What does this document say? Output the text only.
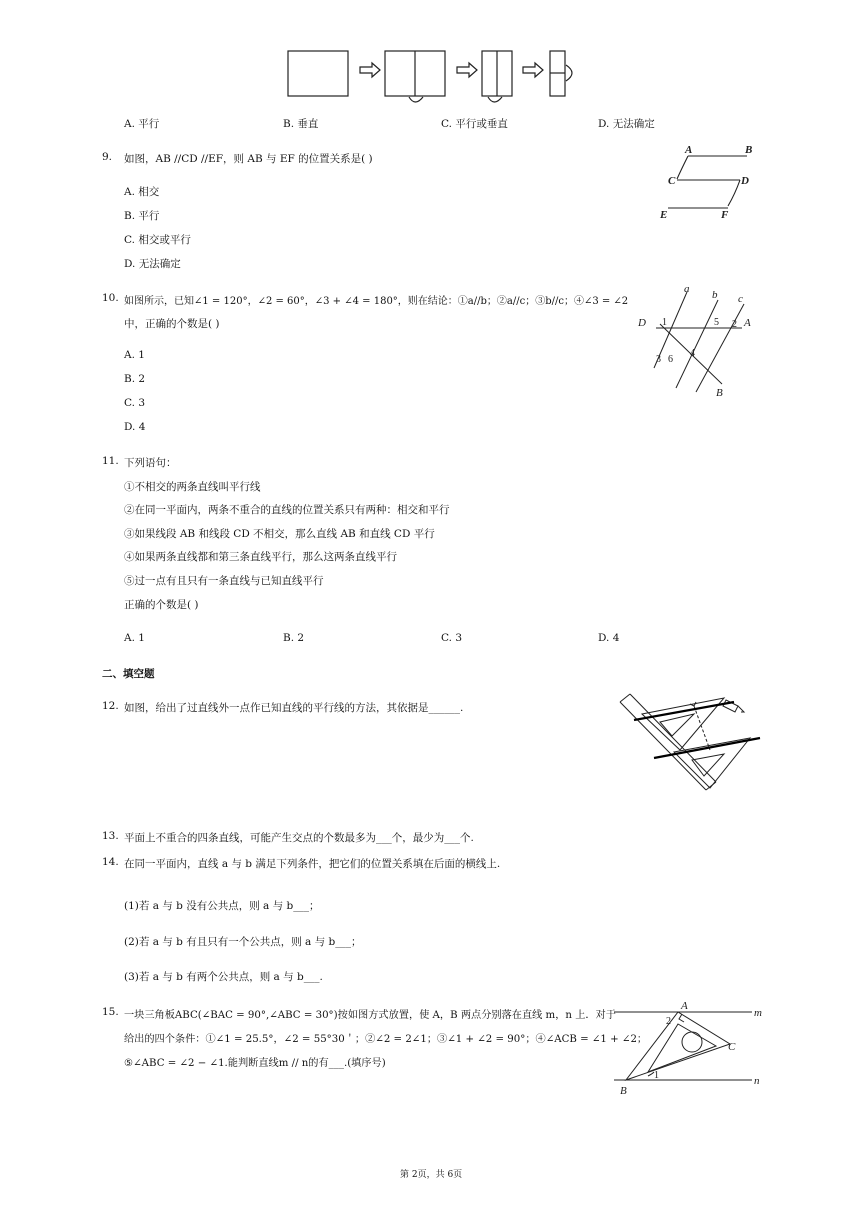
A. 平行	B. 垂直	C. 平行或垂直	D. 无法确定
9. 如图，AB //CD //EF，则 AB 与 EF 的位置关系是( )
A. 相交
B. 平行
C. 相交或平行
D. 无法确定
A	B
C	D
E	F
10. 如图所示，已知∠1 = 120°，∠2 = 60°，∠3 + ∠4 = 180°，则在结论：①a//b；②a//c；③b//c；④∠3 = ∠2
中，正确的个数是( )
A. 1
B. 2
C. 3
D. 4
a b c
D	A
B
1	2
3
4
5
6
11. 下列语句：
①不相交的两条直线叫平行线
②在同一平面内，两条不重合的直线的位置关系只有两种：相交和平行
③如果线段 AB 和线段 CD 不相交，那么直线 AB 和直线 CD 平行
④如果两条直线都和第三条直线平行，那么这两条直线平行
⑤过一点有且只有一条直线与已知直线平行
正确的个数是( )
A. 1	B. 2	C. 3	D. 4
二、填空题
12. 如图，给出了过直线外一点作已知直线的平行线的方法，其依据是______.
13. 平面上不重合的四条直线，可能产生交点的个数最多为___个，最少为___个.
14. 在同一平面内，直线 a 与 b 满足下列条件，把它们的位置关系填在后面的横线上.
(1)若 a 与 b 没有公共点，则 a 与 b___；
(2)若 a 与 b 有且只有一个公共点，则 a 与 b___；
(3)若 a 与 b 有两个公共点，则 a 与 b___.
15. 一块三角板ABC(∠BAC = 90°,∠ABC = 30°)按如图方式放置，使 A，B 两点分别落在直线 m，n 上．对于
给出的四个条件：①∠1 = 25.5°，∠2 = 55°30＇；②∠2 = 2∠1；③∠1 + ∠2 = 90°；④∠ACB = ∠1 + ∠2；
⑤∠ABC = ∠2 − ∠1.能判断直线m // n的有___.(填序号)
A
m
C
B
n
2
1
第 2页，共 6页
